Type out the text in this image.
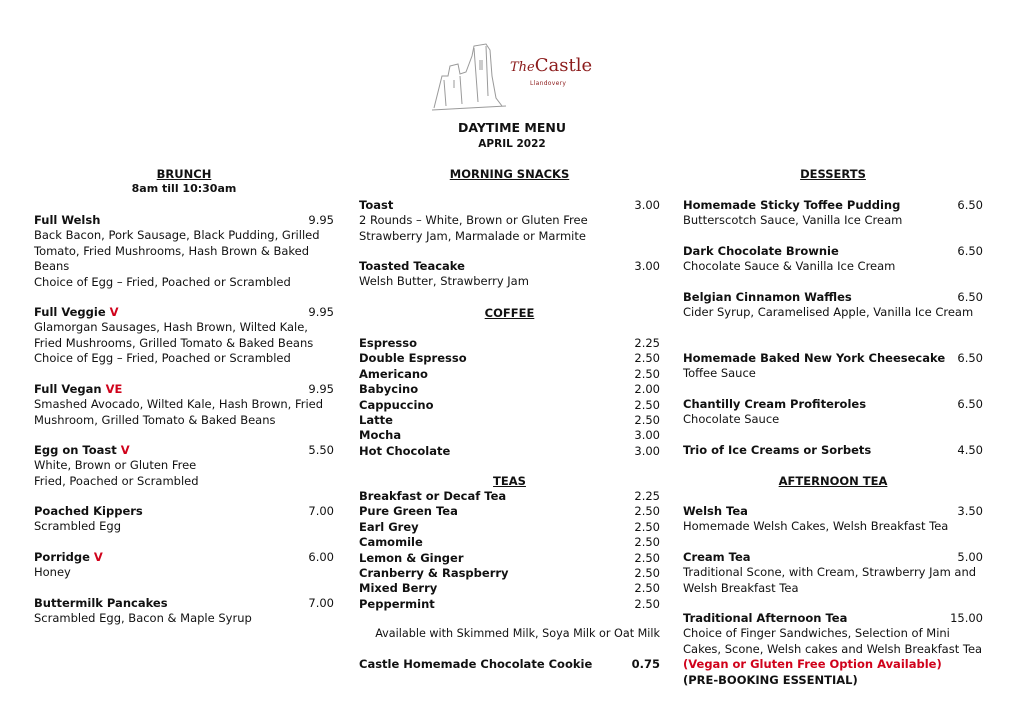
TheCastle
Llandovery
DAYTIME MENU
APRIL 2022
BRUNCH
8am till 10:30am
Full Welsh	9.95
Back Bacon, Pork Sausage, Black Pudding, Grilled Tomato, Fried Mushrooms, Hash Brown & Baked Beans
Choice of Egg – Fried, Poached or Scrambled
Full Veggie V	9.95
Glamorgan Sausages, Hash Brown, Wilted Kale, Fried Mushrooms, Grilled Tomato & Baked Beans
Choice of Egg – Fried, Poached or Scrambled
Full Vegan VE	9.95
Smashed Avocado, Wilted Kale, Hash Brown, Fried Mushroom, Grilled Tomato & Baked Beans
Egg on Toast V	5.50
White, Brown or Gluten Free
Fried, Poached or Scrambled
Poached Kippers	7.00
Scrambled Egg
Porridge V	6.00
Honey
Buttermilk Pancakes	7.00
Scrambled Egg, Bacon & Maple Syrup
MORNING SNACKS
Toast	3.00
2 Rounds – White, Brown or Gluten Free
Strawberry Jam, Marmalade or Marmite
Toasted Teacake	3.00
Welsh Butter, Strawberry Jam
COFFEE
Espresso	2.25
Double Espresso	2.50
Americano	2.50
Babycino	2.00
Cappuccino	2.50
Latte	2.50
Mocha	3.00
Hot Chocolate	3.00
TEAS
Breakfast or Decaf Tea	2.25
Pure Green Tea	2.50
Earl Grey	2.50
Camomile	2.50
Lemon & Ginger	2.50
Cranberry & Raspberry	2.50
Mixed Berry	2.50
Peppermint	2.50
Available with Skimmed Milk, Soya Milk or Oat Milk
Castle Homemade Chocolate Cookie	0.75
DESSERTS
Homemade Sticky Toffee Pudding	6.50
Butterscotch Sauce, Vanilla Ice Cream
Dark Chocolate Brownie	6.50
Chocolate Sauce & Vanilla Ice Cream
Belgian Cinnamon Waffles	6.50
Cider Syrup, Caramelised Apple, Vanilla Ice Cream
Homemade Baked New York Cheesecake 6.50
Toffee Sauce
Chantilly Cream Profiteroles	6.50
Chocolate Sauce
Trio of Ice Creams or Sorbets	4.50
AFTERNOON TEA
Welsh Tea	3.50
Homemade Welsh Cakes, Welsh Breakfast Tea
Cream Tea	5.00
Traditional Scone, with Cream, Strawberry Jam and Welsh Breakfast Tea
Traditional Afternoon Tea	15.00
Choice of Finger Sandwiches, Selection of Mini Cakes, Scone, Welsh cakes and Welsh Breakfast Tea (Vegan or Gluten Free Option Available)
(PRE-BOOKING ESSENTIAL)
